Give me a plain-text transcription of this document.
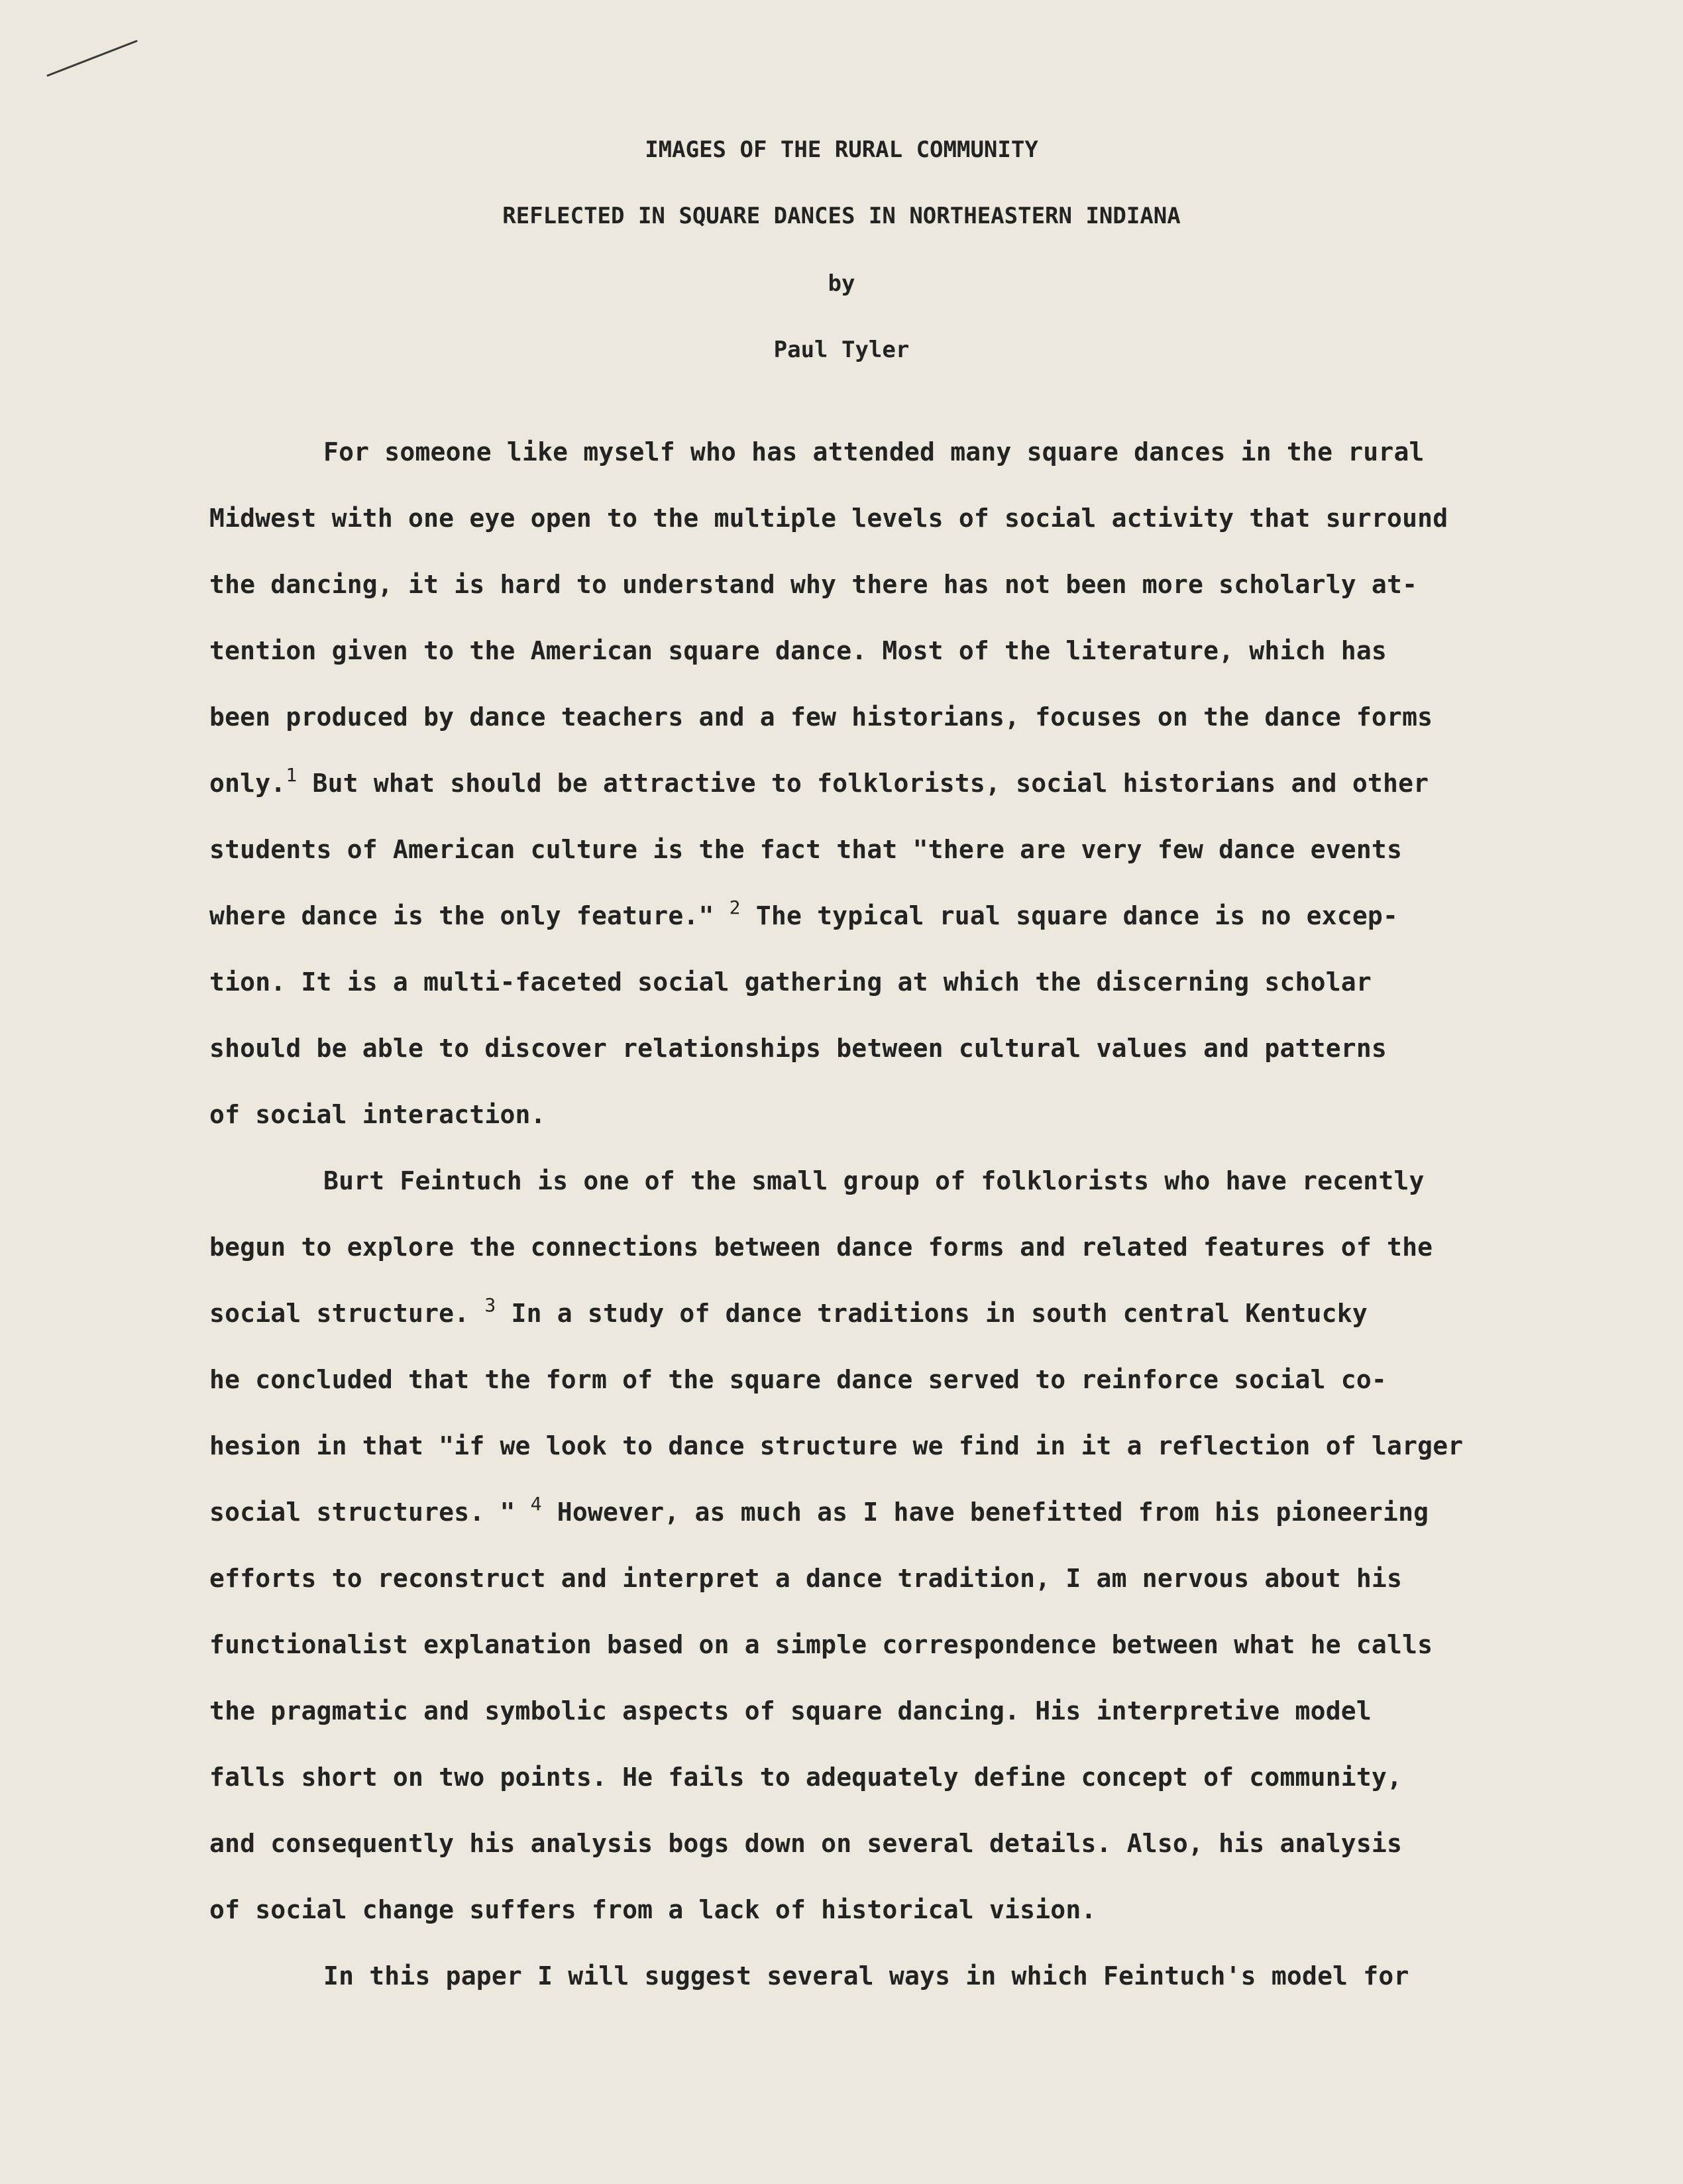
IMAGES OF THE RURAL COMMUNITY

REFLECTED IN SQUARE DANCES IN NORTHEASTERN INDIANA

by

Paul Tyler

For someone like myself who has attended many square dances in the rural
Midwest with one eye open to the multiple levels of social activity that surround
the dancing, it is hard to understand why there has not been more scholarly at-
tention given to the American square dance. Most of the literature, which has
been produced by dance teachers and a few historians, focuses on the dance forms
only.$^1$ But what should be attractive to folklorists, social historians and other
students of American culture is the fact that "there are very few dance events
where dance is the only feature." $^2$ The typical rual square dance is no excep-
tion. It is a multi-faceted social gathering at which the discerning scholar
should be able to discover relationships between cultural values and patterns
of social interaction.
Burt Feintuch is one of the small group of folklorists who have recently
begun to explore the connections between dance forms and related features of the
social structure. $^3$ In a study of dance traditions in south central Kentucky
he concluded that the form of the square dance served to reinforce social co-
hesion in that "if we look to dance structure we find in it a reflection of larger
social structures. " $^4$ However, as much as I have benefitted from his pioneering
efforts to reconstruct and interpret a dance tradition, I am nervous about his
functionalist explanation based on a simple correspondence between what he calls
the pragmatic and symbolic aspects of square dancing. His interpretive model
falls short on two points. He fails to adequately define concept of community,
and consequently his analysis bogs down on several details. Also, his analysis
of social change suffers from a lack of historical vision.
In this paper I will suggest several ways in which Feintuch's model for
